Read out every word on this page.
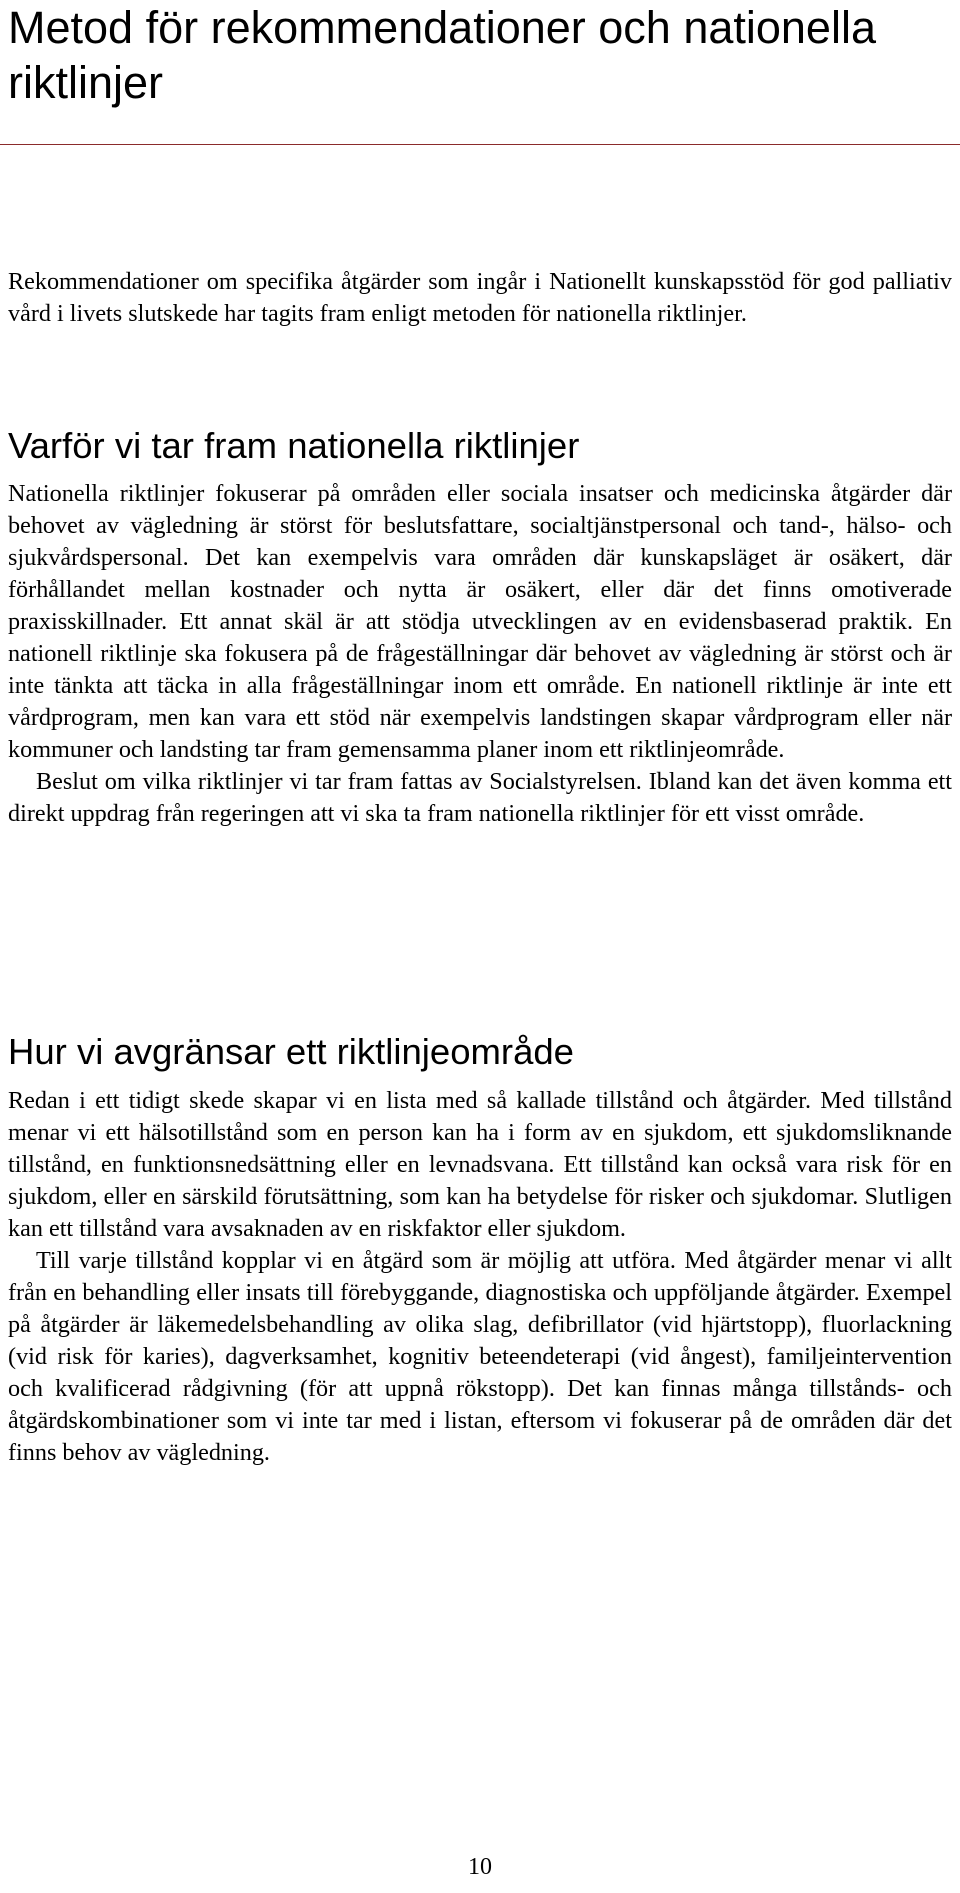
Metod för rekommendationer och nationella riktlinjer

Rekommendationer om specifika åtgärder som ingår i Nationellt kunskapsstöd för god palliativ vård i livets slutskede har tagits fram enligt metoden för nationella riktlinjer.

Varför vi tar fram nationella riktlinjer

Nationella riktlinjer fokuserar på områden eller sociala insatser och medicinska åtgärder där behovet av vägledning är störst för beslutsfattare, socialtjänstpersonal och tand-, hälso- och sjukvårdspersonal. Det kan exempelvis vara områden där kunskapsläget är osäkert, där förhållandet mellan kostnader och nytta är osäkert, eller där det finns omotiverade praxisskillnader. Ett annat skäl är att stödja utvecklingen av en evidensbaserad praktik. En nationell riktlinje ska fokusera på de frågeställningar där behovet av vägledning är störst och är inte tänkta att täcka in alla frågeställningar inom ett område. En nationell riktlinje är inte ett vårdprogram, men kan vara ett stöd när exempelvis landstingen skapar vårdprogram eller när kommuner och landsting tar fram gemensamma planer inom ett riktlinjeområde.

Beslut om vilka riktlinjer vi tar fram fattas av Socialstyrelsen. Ibland kan det även komma ett direkt uppdrag från regeringen att vi ska ta fram nationella riktlinjer för ett visst område.

Hur vi avgränsar ett riktlinjeområde

Redan i ett tidigt skede skapar vi en lista med så kallade tillstånd och åtgärder. Med tillstånd menar vi ett hälsotillstånd som en person kan ha i form av en sjukdom, ett sjukdomsliknande tillstånd, en funktionsnedsättning eller en levnadsvana. Ett tillstånd kan också vara risk för en sjukdom, eller en särskild förutsättning, som kan ha betydelse för risker och sjukdomar. Slutligen kan ett tillstånd vara avsaknaden av en riskfaktor eller sjukdom.

Till varje tillstånd kopplar vi en åtgärd som är möjlig att utföra. Med åtgärder menar vi allt från en behandling eller insats till förebyggande, diagnostiska och uppföljande åtgärder. Exempel på åtgärder är läkemedelsbehandling av olika slag, defibrillator (vid hjärtstopp), fluorlackning (vid risk för karies), dagverksamhet, kognitiv beteendeterapi (vid ångest), familjeintervention och kvalificerad rådgivning (för att uppnå rökstopp). Det kan finnas många tillstånds- och åtgärdskombinationer som vi inte tar med i listan, eftersom vi fokuserar på de områden där det finns behov av vägledning.

10
